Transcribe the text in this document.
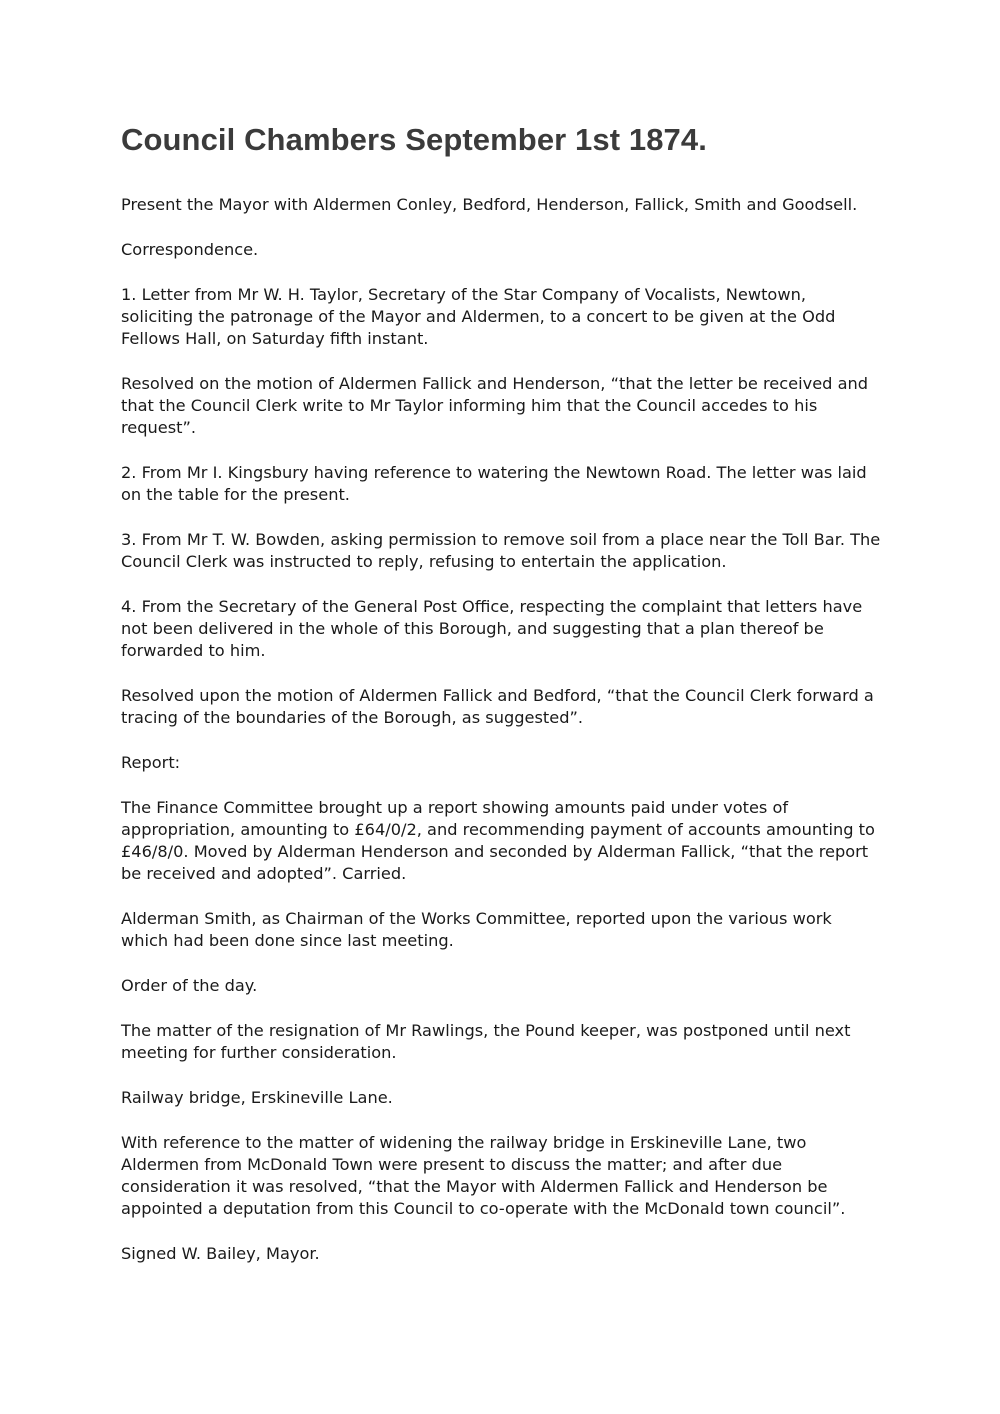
Council Chambers September 1st 1874.

Present the Mayor with Aldermen Conley, Bedford, Henderson, Fallick, Smith and Goodsell.

Correspondence.

1. Letter from Mr W. H. Taylor, Secretary of the Star Company of Vocalists, Newtown, soliciting the patronage of the Mayor and Aldermen, to a concert to be given at the Odd Fellows Hall, on Saturday fifth instant.

Resolved on the motion of Aldermen Fallick and Henderson, “that the letter be received and that the Council Clerk write to Mr Taylor informing him that the Council accedes to his request”.

2. From Mr I. Kingsbury having reference to watering the Newtown Road. The letter was laid on the table for the present.

3. From Mr T. W. Bowden, asking permission to remove soil from a place near the Toll Bar. The Council Clerk was instructed to reply, refusing to entertain the application.

4. From the Secretary of the General Post Office, respecting the complaint that letters have not been delivered in the whole of this Borough, and suggesting that a plan thereof be forwarded to him.

Resolved upon the motion of Aldermen Fallick and Bedford, “that the Council Clerk forward a tracing of the boundaries of the Borough, as suggested”.

Report:

The Finance Committee brought up a report showing amounts paid under votes of appropriation, amounting to £64/0/2, and recommending payment of accounts amounting to £46/8/0. Moved by Alderman Henderson and seconded by Alderman Fallick, “that the report be received and adopted”. Carried.

Alderman Smith, as Chairman of the Works Committee, reported upon the various work which had been done since last meeting.

Order of the day.

The matter of the resignation of Mr Rawlings, the Pound keeper, was postponed until next meeting for further consideration.

Railway bridge, Erskineville Lane.

With reference to the matter of widening the railway bridge in Erskineville Lane, two Aldermen from McDonald Town were present to discuss the matter; and after due consideration it was resolved, “that the Mayor with Aldermen Fallick and Henderson be appointed a deputation from this Council to co-operate with the McDonald town council”.

Signed W. Bailey, Mayor.
